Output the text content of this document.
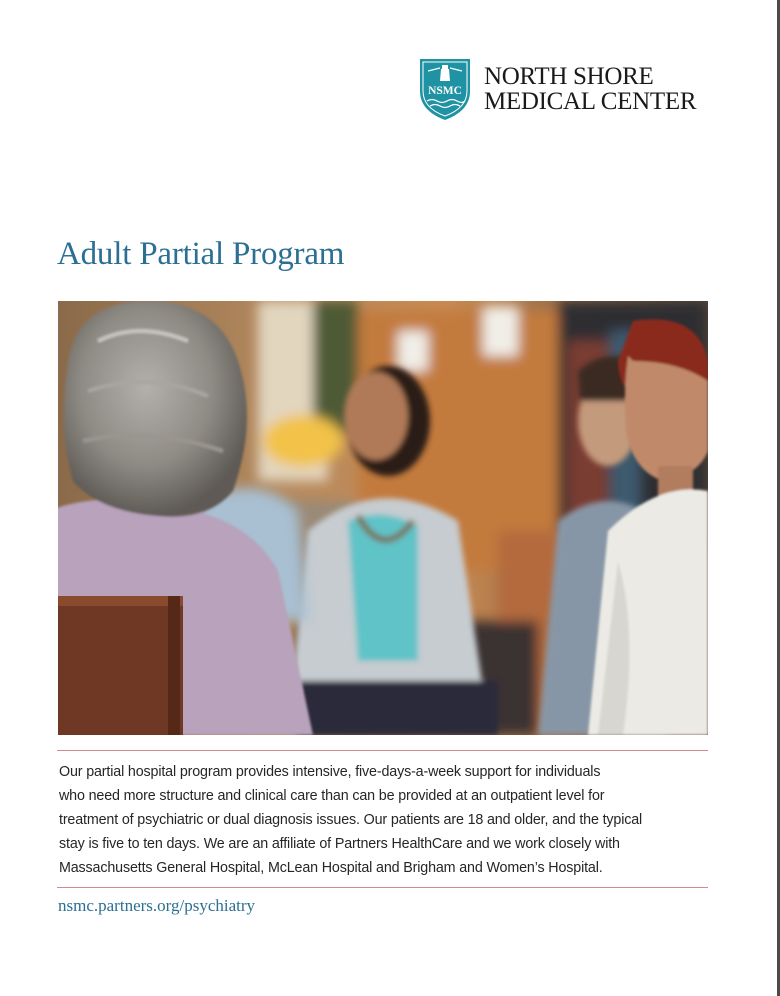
NSMC
NORTH SHORE
MEDICAL CENTER
Adult Partial Program

Our partial hospital program provides intensive, five-days-a-week support for individuals
who need more structure and clinical care than can be provided at an outpatient level for
treatment of psychiatric or dual diagnosis issues. Our patients are 18 and older, and the typical
stay is five to ten days. We are an affiliate of Partners HealthCare and we work closely with
Massachusetts General Hospital, McLean Hospital and Brigham and Women’s Hospital.

nsmc.partners.org/psychiatry
